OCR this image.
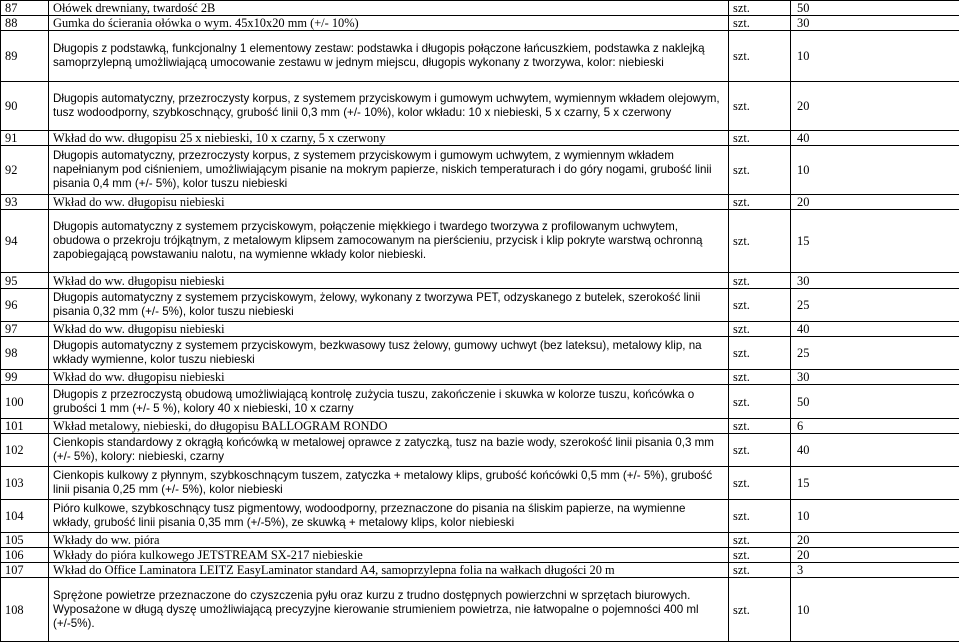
87	Ołówek drewniany, twardość 2B	szt.	50
88	Gumka do ścierania ołówka o wym. 45x10x20 mm (+/- 10%)	szt.	30
89	Długopis z podstawką, funkcjonalny 1 elementowy zestaw: podstawka i długopis połączone łańcuszkiem, podstawka z naklejką samoprzylepną umożliwiającą umocowanie zestawu w jednym miejscu, długopis wykonany z tworzywa, kolor: niebieski	szt.	10
90	Długopis automatyczny, przezroczysty korpus, z systemem przyciskowym i gumowym uchwytem, wymiennym wkładem olejowym, tusz wodoodporny, szybkoschnący, grubość linii 0,3 mm (+/- 10%), kolor wkładu: 10 x niebieski, 5 x czarny, 5 x czerwony	szt.	20
91	Wkład do ww. długopisu 25 x niebieski, 10 x czarny, 5 x czerwony	szt.	40
92	Długopis automatyczny, przezroczysty korpus, z systemem przyciskowym i gumowym uchwytem, z wymiennym wkładem napełnianym pod ciśnieniem, umożliwiającym pisanie na mokrym papierze, niskich temperaturach i do góry nogami, grubość linii pisania 0,4 mm (+/- 5%), kolor tuszu niebieski	szt.	10
93	Wkład do ww. długopisu niebieski	szt.	20
94	Długopis automatyczny z systemem przyciskowym, połączenie miękkiego i twardego tworzywa z profilowanym uchwytem, obudowa o przekroju trójkątnym, z metalowym klipsem zamocowanym na pierścieniu, przycisk i klip pokryte warstwą ochronną zapobiegającą powstawaniu nalotu, na wymienne wkłady kolor niebieski.	szt.	15
95	Wkład do ww. długopisu niebieski	szt.	30
96	Długopis automatyczny z systemem przyciskowym, żelowy, wykonany z tworzywa PET, odzyskanego z butelek, szerokość linii pisania 0,32 mm (+/- 5%), kolor tuszu niebieski	szt.	25
97	Wkład do ww. długopisu niebieski	szt.	40
98	Długopis automatyczny z systemem przyciskowym, bezkwasowy tusz żelowy, gumowy uchwyt (bez lateksu), metalowy klip, na wkłady wymienne, kolor tuszu niebieski	szt.	25
99	Wkład do ww. długopisu niebieski	szt.	30
100	Długopis z przezroczystą obudową umożliwiającą kontrolę zużycia tuszu, zakończenie i skuwka w kolorze tuszu, końcówka o grubości 1 mm (+/- 5 %), kolory 40 x niebieski, 10 x czarny	szt.	50
101	Wkład metalowy, niebieski, do długopisu BALLOGRAM RONDO	szt.	6
102	Cienkopis standardowy z okrągłą końcówką w metalowej oprawce z zatyczką, tusz na bazie wody, szerokość linii pisania 0,3 mm (+/- 5%), kolory: niebieski, czarny	szt.	40
103	Cienkopis kulkowy z płynnym, szybkoschnącym tuszem, zatyczka + metalowy klips, grubość końcówki 0,5 mm (+/- 5%), grubość linii pisania 0,25 mm (+/- 5%), kolor niebieski	szt.	15
104	Pióro kulkowe, szybkoschnący tusz pigmentowy, wodoodporny, przeznaczone do pisania na śliskim papierze, na wymienne wkłady, grubość linii pisania 0,35 mm (+/-5%), ze skuwką + metalowy klips, kolor niebieski	szt.	10
105	Wkłady do ww. pióra	szt.	20
106	Wkłady do pióra kulkowego JETSTREAM SX-217 niebieskie	szt.	20
107	Wkład do Office Laminatora LEITZ EasyLaminator standard A4, samoprzylepna folia na wałkach długości 20 m	szt.	3
108	Sprężone powietrze przeznaczone do czyszczenia pyłu oraz kurzu z trudno dostępnych powierzchni w sprzętach biurowych. Wyposażone w długą dyszę umożliwiającą precyzyjne kierowanie strumieniem powietrza, nie łatwopalne o pojemności 400 ml (+/-5%).	szt.	10
